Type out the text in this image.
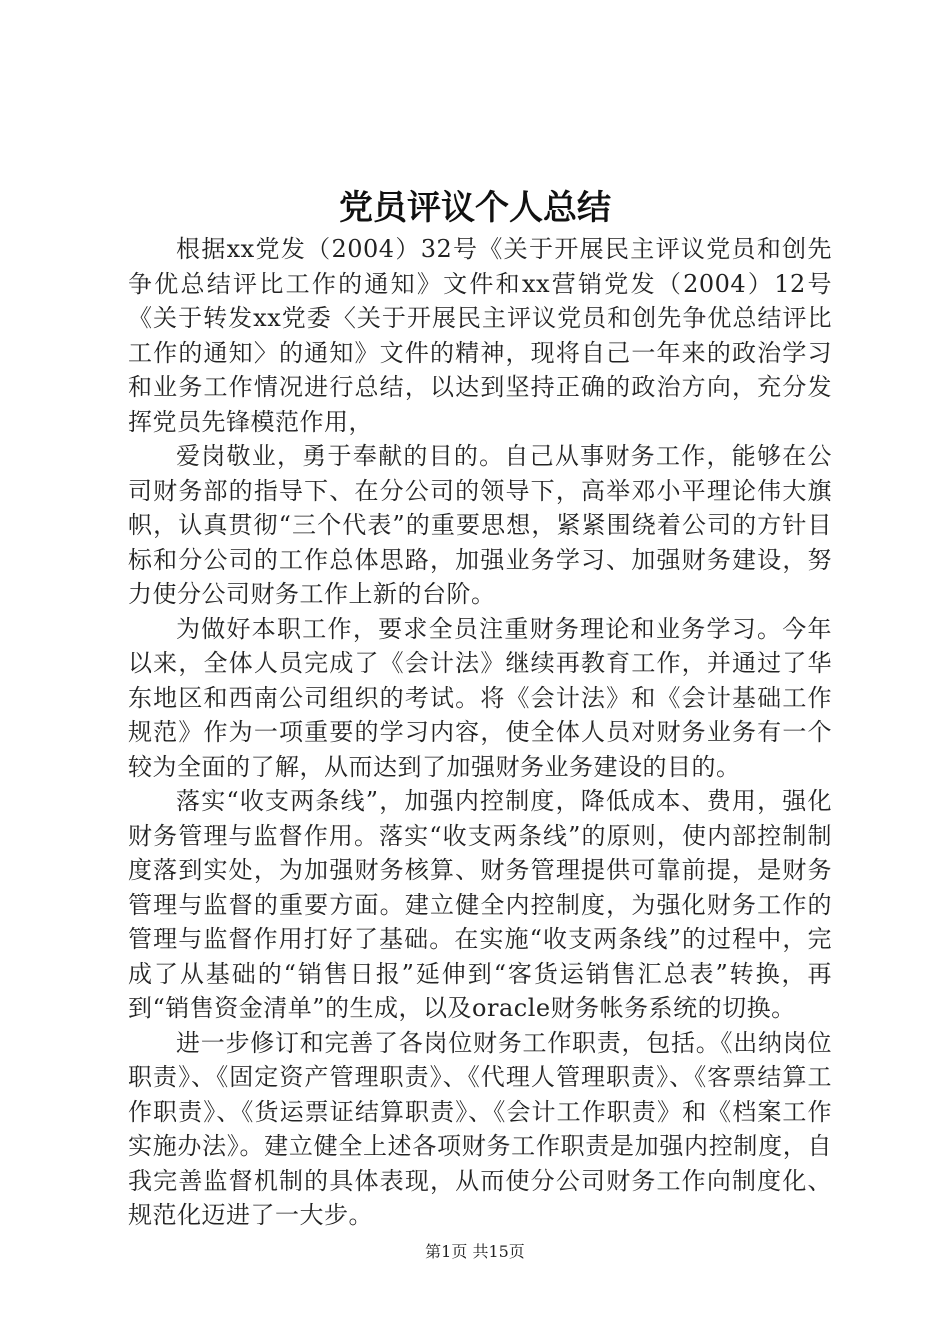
党员评议个人总结

根据xx党发（2004）32号《关于开展民主评议党员和创先争优总结评比工作的通知》文件和xx营销党发（2004）12号《关于转发xx党委〈关于开展民主评议党员和创先争优总结评比工作的通知〉的通知》文件的精神，现将自己一年来的政治学习和业务工作情况进行总结，以达到坚持正确的政治方向，充分发挥党员先锋模范作用，

爱岗敬业，勇于奉献的目的。自己从事财务工作，能够在公司财务部的指导下、在分公司的领导下，高举邓小平理论伟大旗帜，认真贯彻“三个代表”的重要思想，紧紧围绕着公司的方针目标和分公司的工作总体思路，加强业务学习、加强财务建设，努力使分公司财务工作上新的台阶。

为做好本职工作，要求全员注重财务理论和业务学习。今年以来，全体人员完成了《会计法》继续再教育工作，并通过了华东地区和西南公司组织的考试。将《会计法》和《会计基础工作规范》作为一项重要的学习内容，使全体人员对财务业务有一个较为全面的了解，从而达到了加强财务业务建设的目的。

落实“收支两条线”，加强内控制度，降低成本、费用，强化财务管理与监督作用。落实“收支两条线”的原则，使内部控制制度落到实处，为加强财务核算、财务管理提供可靠前提，是财务管理与监督的重要方面。建立健全内控制度，为强化财务工作的管理与监督作用打好了基础。在实施“收支两条线”的过程中，完成了从基础的“销售日报”延伸到“客货运销售汇总表”转换，再到“销售资金清单”的生成，以及oracle财务帐务系统的切换。

进一步修订和完善了各岗位财务工作职责，包括。《出纳岗位职责》、《固定资产管理职责》、《代理人管理职责》、《客票结算工作职责》、《货运票证结算职责》、《会计工作职责》和《档案工作实施办法》。建立健全上述各项财务工作职责是加强内控制度，自我完善监督机制的具体表现，从而使分公司财务工作向制度化、规范化迈进了一大步。

第1页 共15页
